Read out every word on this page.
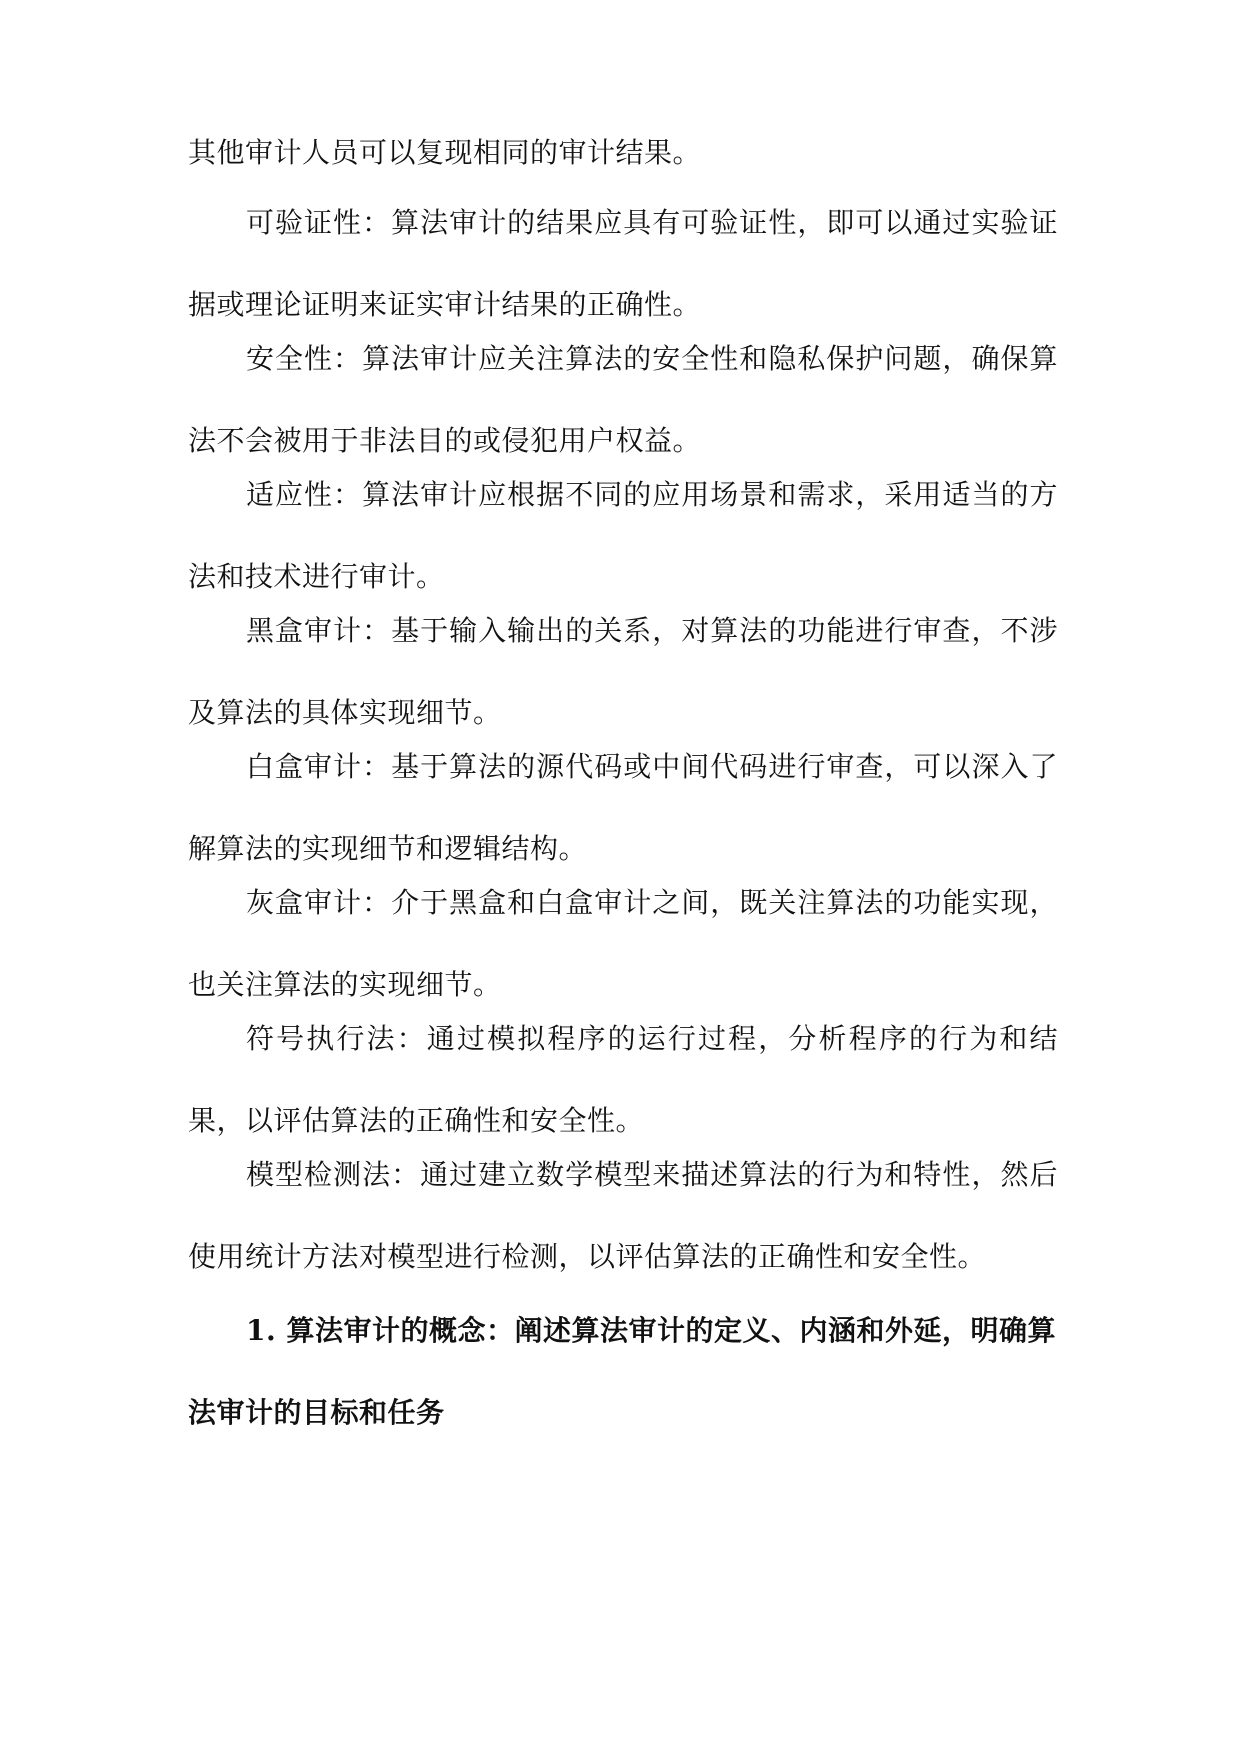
其他审计人员可以复现相同的审计结果。

可验证性：算法审计的结果应具有可验证性，即可以通过实验证据或理论证明来证实审计结果的正确性。

安全性：算法审计应关注算法的安全性和隐私保护问题，确保算法不会被用于非法目的或侵犯用户权益。

适应性：算法审计应根据不同的应用场景和需求，采用适当的方法和技术进行审计。

黑盒审计：基于输入输出的关系，对算法的功能进行审查，不涉及算法的具体实现细节。

白盒审计：基于算法的源代码或中间代码进行审查，可以深入了解算法的实现细节和逻辑结构。

灰盒审计：介于黑盒和白盒审计之间，既关注算法的功能实现，也关注算法的实现细节。

符号执行法：通过模拟程序的运行过程，分析程序的行为和结果，以评估算法的正确性和安全性。

模型检测法：通过建立数学模型来描述算法的行为和特性，然后使用统计方法对模型进行检测，以评估算法的正确性和安全性。

1. 算法审计的概念：阐述算法审计的定义、内涵和外延，明确算法审计的目标和任务
